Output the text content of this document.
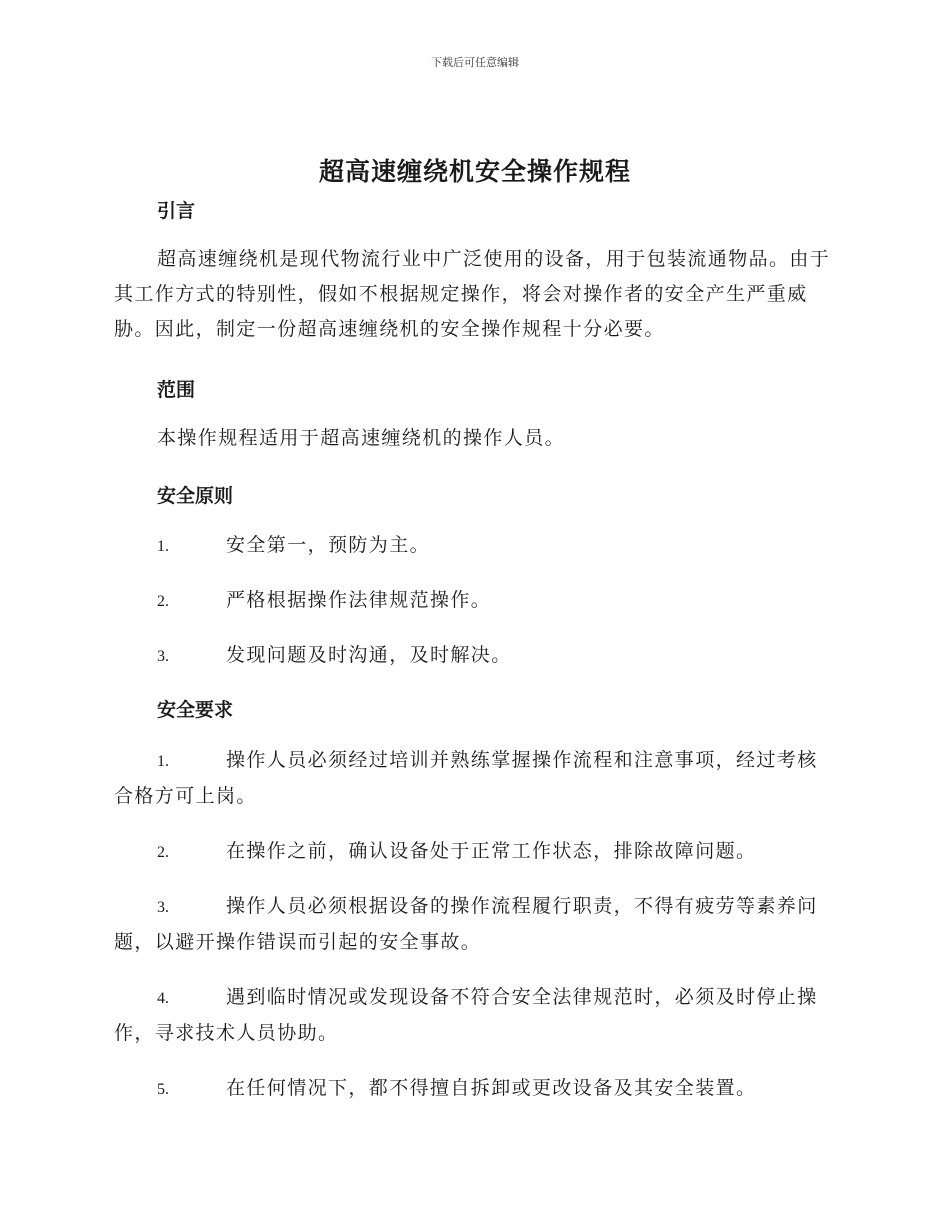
下载后可任意编辑
超高速缠绕机安全操作规程
引言
超高速缠绕机是现代物流行业中广泛使用的设备，用于包装流通物品。由于其工作方式的特别性，假如不根据规定操作，将会对操作者的安全产生严重威胁。因此，制定一份超高速缠绕机的安全操作规程十分必要。
范围
本操作规程适用于超高速缠绕机的操作人员。
安全原则
1.	安全第一，预防为主。
2.	严格根据操作法律规范操作。
3.	发现问题及时沟通，及时解决。
安全要求
1.	操作人员必须经过培训并熟练掌握操作流程和注意事项，经过考核合格方可上岗。
2.	在操作之前，确认设备处于正常工作状态，排除故障问题。
3.	操作人员必须根据设备的操作流程履行职责，不得有疲劳等素养问题，以避开操作错误而引起的安全事故。
4.	遇到临时情况或发现设备不符合安全法律规范时，必须及时停止操作，寻求技术人员协助。
5.	在任何情况下，都不得擅自拆卸或更改设备及其安全装置。
